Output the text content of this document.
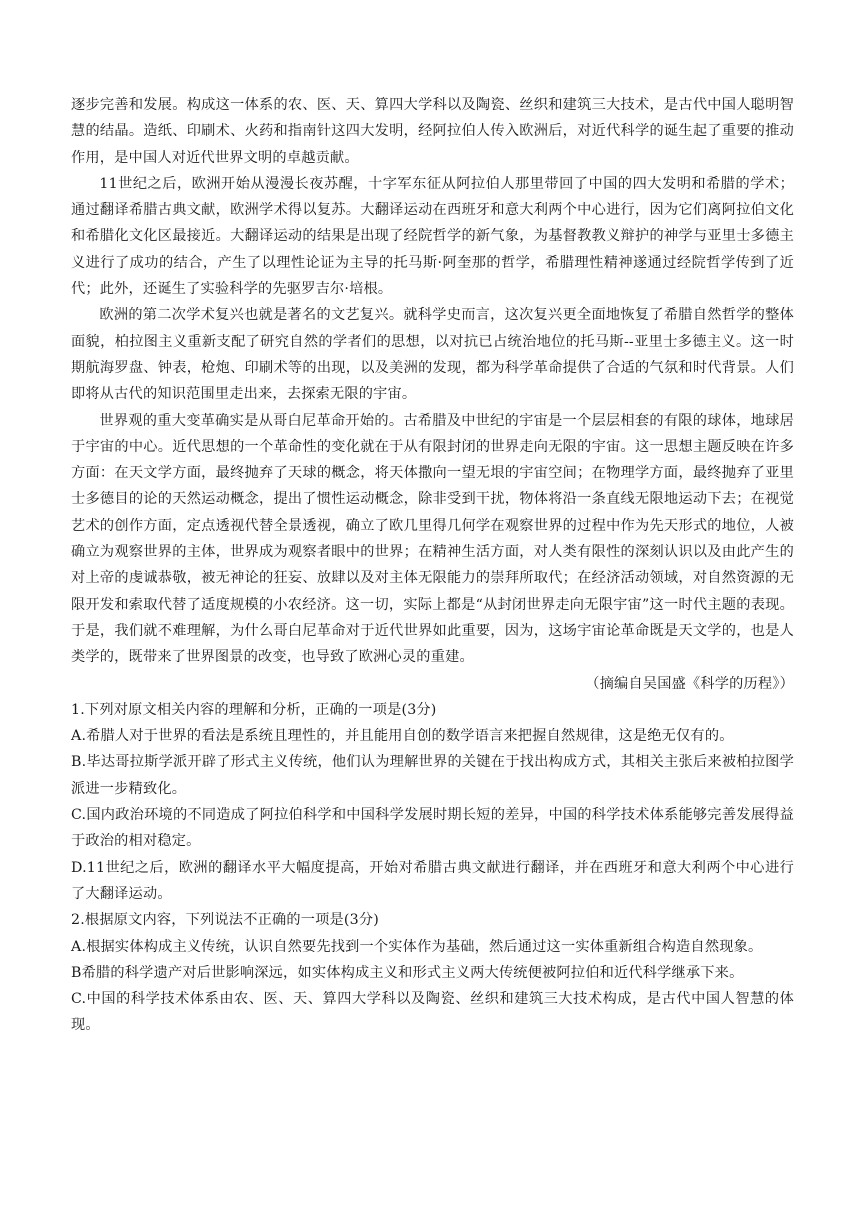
逐步完善和发展。构成这一体系的农、医、天、算四大学科以及陶瓷、丝织和建筑三大技术，是古代中国人聪明智慧的结晶。造纸、印刷术、火药和指南针这四大发明，经阿拉伯人传入欧洲后，对近代科学的诞生起了重要的推动作用，是中国人对近代世界文明的卓越贡献。

11世纪之后，欧洲开始从漫漫长夜苏醒，十字军东征从阿拉伯人那里带回了中国的四大发明和希腊的学术；通过翻译希腊古典文献，欧洲学术得以复苏。大翻译运动在西班牙和意大利两个中心进行，因为它们离阿拉伯文化和希腊化文化区最接近。大翻译运动的结果是出现了经院哲学的新气象，为基督教教义辩护的神学与亚里士多德主义进行了成功的结合，产生了以理性论证为主导的托马斯·阿奎那的哲学，希腊理性精神遂通过经院哲学传到了近代；此外，还诞生了实验科学的先驱罗吉尔·培根。

欧洲的第二次学术复兴也就是著名的文艺复兴。就科学史而言，这次复兴更全面地恢复了希腊自然哲学的整体面貌，柏拉图主义重新支配了研究自然的学者们的思想，以对抗已占统治地位的托马斯--亚里士多德主义。这一时期航海罗盘、钟表，枪炮、印刷术等的出现，以及美洲的发现，都为科学革命提供了合适的气氛和时代背景。人们即将从古代的知识范围里走出来，去探索无限的宇宙。

世界观的重大变革确实是从哥白尼革命开始的。古希腊及中世纪的宇宙是一个层层相套的有限的球体，地球居于宇宙的中心。近代思想的一个革命性的变化就在于从有限封闭的世界走向无限的宇宙。这一思想主题反映在许多方面：在天文学方面，最终抛弃了天球的概念，将天体撒向一望无垠的宇宙空间；在物理学方面，最终抛弃了亚里士多德目的论的天然运动概念，提出了惯性运动概念，除非受到干扰，物体将沿一条直线无限地运动下去；在视觉艺术的创作方面，定点透视代替全景透视，确立了欧几里得几何学在观察世界的过程中作为先天形式的地位，人被确立为观察世界的主体，世界成为观察者眼中的世界；在精神生活方面，对人类有限性的深刻认识以及由此产生的对上帝的虔诚恭敬，被无神论的狂妄、放肆以及对主体无限能力的崇拜所取代；在经济活动领域，对自然资源的无限开发和索取代替了适度规模的小农经济。这一切，实际上都是“从封闭世界走向无限宇宙”这一时代主题的表现。于是，我们就不难理解，为什么哥白尼革命对于近代世界如此重要，因为，这场宇宙论革命既是天文学的，也是人类学的，既带来了世界图景的改变，也导致了欧洲心灵的重建。

（摘编自吴国盛《科学的历程》）

1.下列对原文相关内容的理解和分析，正确的一项是(3分)

A.希腊人对于世界的看法是系统且理性的，并且能用自创的数学语言来把握自然规律，这是绝无仅有的。

B.毕达哥拉斯学派开辟了形式主义传统，他们认为理解世界的关键在于找出构成方式，其相关主张后来被柏拉图学派进一步精致化。

C.国内政治环境的不同造成了阿拉伯科学和中国科学发展时期长短的差异，中国的科学技术体系能够完善发展得益于政治的相对稳定。

D.11世纪之后，欧洲的翻译水平大幅度提高，开始对希腊古典文献进行翻译，并在西班牙和意大利两个中心进行了大翻译运动。

2.根据原文内容，下列说法不正确的一项是(3分)

A.根据实体构成主义传统，认识自然要先找到一个实体作为基础，然后通过这一实体重新组合构造自然现象。

B希腊的科学遗产对后世影响深远，如实体构成主义和形式主义两大传统便被阿拉伯和近代科学继承下来。

C.中国的科学技术体系由农、医、天、算四大学科以及陶瓷、丝织和建筑三大技术构成，是古代中国人智慧的体现。
